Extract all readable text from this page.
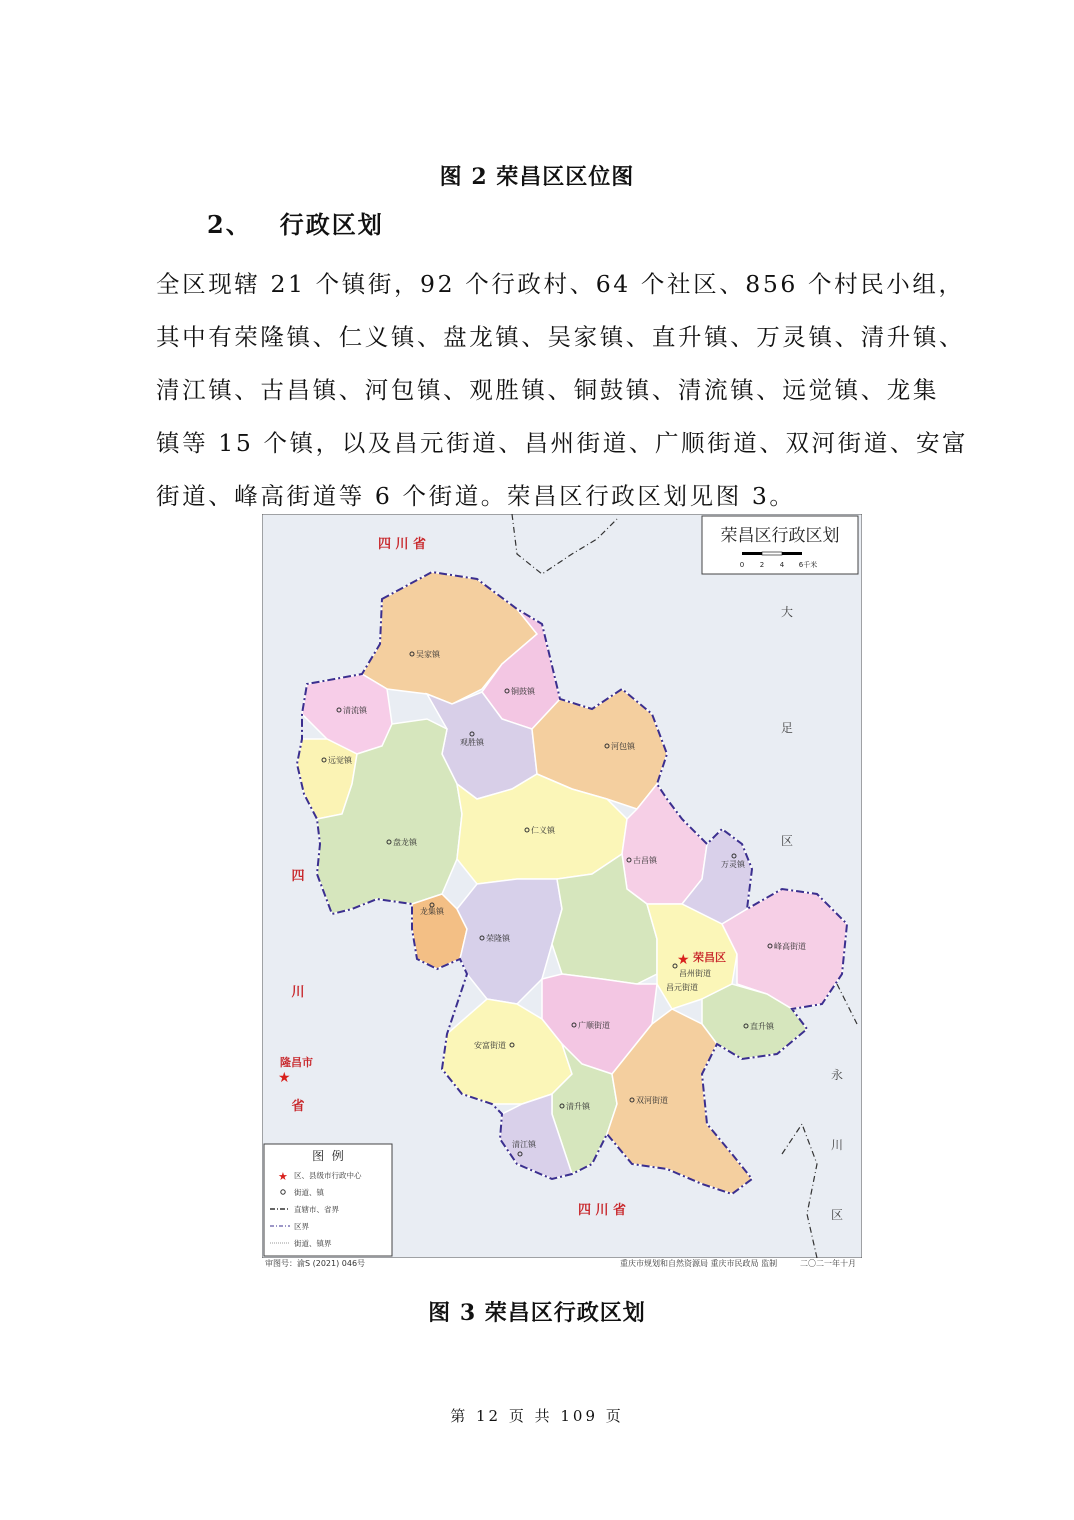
图 2 荣昌区区位图
2、 行政区划
全区现辖 21 个镇街，92 个行政村、64 个社区、856 个村民小组，
其中有荣隆镇、仁义镇、盘龙镇、吴家镇、直升镇、万灵镇、清升镇、
清江镇、古昌镇、河包镇、观胜镇、铜鼓镇、清流镇、远觉镇、龙集
镇等 15 个镇，以及昌元街道、昌州街道、广顺街道、双河街道、安富
街道、峰高街道等 6 个街道。荣昌区行政区划见图 3。
荣昌区行政区划
0 2 4 6千米
四 川 省
四 川 省
四
川
省
隆昌市
★
大
足
区
永
川
区
吴家镇
铜鼓镇
清流镇
观胜镇	河包镇
远觉镇
仁义镇
盘龙镇
古昌镇	万灵镇
龙集镇
荣隆镇
峰高街道
昌州街道
昌元街道
广顺街道	直升镇
安富街道
清升镇
双河街道
清江镇
★ 荣昌区
图  例
★ 区、县级市行政中心
街道、镇
直辖市、省界
区界
街道、镇界
审图号：渝S (2021) 046号	重庆市规划和自然资源局 重庆市民政局 监制	二〇二一年十月
图 3 荣昌区行政区划
第 12 页 共 109 页
